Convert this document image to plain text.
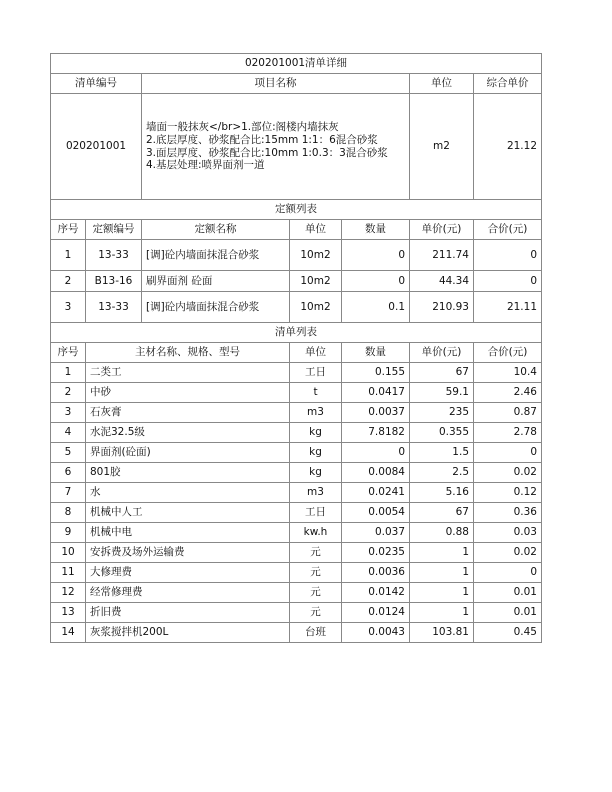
020201001清单详细						
清单编号		项目名称			单位	综合单价
020201001		墙面一般抹灰</br>1.部位:阁楼内墙抹灰
2.底层厚度、砂浆配合比:15mm 1:1：6混合砂浆
3.面层厚度、砂浆配合比:10mm 1:0.3：3混合砂浆
4.基层处理:喷界面剂一道			m2	21.12
定额列表						
序号	定额编号	定额名称	单位	数量	单价(元)	合价(元)
1	13-33	[调]砼内墙面抹混合砂浆	10m2	0	211.74	0
2	B13-16	刷界面剂 砼面	10m2	0	44.34	0
3	13-33	[调]砼内墙面抹混合砂浆	10m2	0.1	210.93	21.11
清单列表						
序号	主材名称、规格、型号		单位	数量	单价(元)	合价(元)
1	二类工		工日	0.155	67	10.4
2	中砂		t	0.0417	59.1	2.46
3	石灰膏		m3	0.0037	235	0.87
4	水泥32.5级		kg	7.8182	0.355	2.78
5	界面剂(砼面)		kg	0	1.5	0
6	801胶		kg	0.0084	2.5	0.02
7	水		m3	0.0241	5.16	0.12
8	机械中人工		工日	0.0054	67	0.36
9	机械中电		kw.h	0.037	0.88	0.03
10	安拆费及场外运输费		元	0.0235	1	0.02
11	大修理费		元	0.0036	1	0
12	经常修理费		元	0.0142	1	0.01
13	折旧费		元	0.0124	1	0.01
14	灰浆搅拌机200L		台班	0.0043	103.81	0.45
